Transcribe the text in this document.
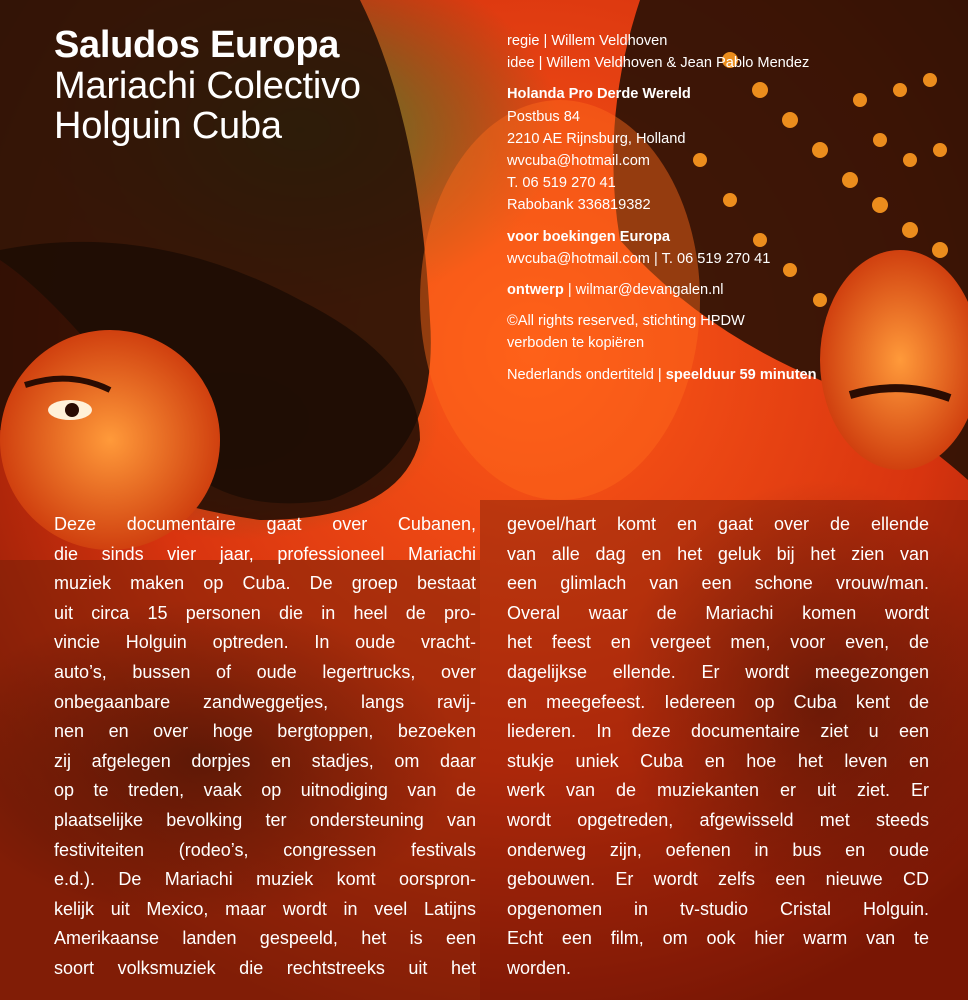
Saludos Europa
Mariachi Colectivo
Holguin Cuba
regie | Willem Veldhoven
idee | Willem Veldhoven & Jean Pablo Mendez
Holanda Pro Derde Wereld
Postbus 84
2210 AE Rijnsburg, Holland
wvcuba@hotmail.com
T. 06 519 270 41
Rabobank 336819382
voor boekingen Europa
wvcuba@hotmail.com | T. 06 519 270 41
ontwerp | wilmar@devangalen.nl
©All rights reserved, stichting HPDW
verboden te kopiëren
Nederlands ondertiteld | speelduur 59 minuten
Deze documentaire gaat over Cubanen,
die sinds vier jaar, professioneel Mariachi
muziek maken op Cuba. De groep bestaat
uit circa 15 personen die in heel de pro-
vincie Holguin optreden. In oude vracht-
auto’s, bussen of oude legertrucks, over
onbegaanbare zandweggetjes, langs ravij-
nen en over hoge bergtoppen, bezoeken
zij afgelegen dorpjes en stadjes, om daar
op te treden, vaak op uitnodiging van de
plaatselijke bevolking ter ondersteuning van
festiviteiten (rodeo’s, congressen festivals
e.d.). De Mariachi muziek komt oorspron-
kelijk uit Mexico, maar wordt in veel Latijns
Amerikaanse landen gespeeld, het is een
soort volksmuziek die rechtstreeks uit het
gevoel/hart komt en gaat over de ellende
van alle dag en het geluk bij het zien van
een glimlach van een schone vrouw/man.
Overal waar de Mariachi komen wordt
het feest en vergeet men, voor even, de
dagelijkse ellende. Er wordt meegezongen
en meegefeest. Iedereen op Cuba kent de
liederen. In deze documentaire ziet u een
stukje uniek Cuba en hoe het leven en
werk van de muziekanten er uit ziet. Er
wordt opgetreden, afgewisseld met steeds
onderweg zijn, oefenen in bus en oude
gebouwen. Er wordt zelfs een nieuwe CD
opgenomen in tv-studio Cristal Holguin.
Echt een film, om ook hier warm van te
worden.
